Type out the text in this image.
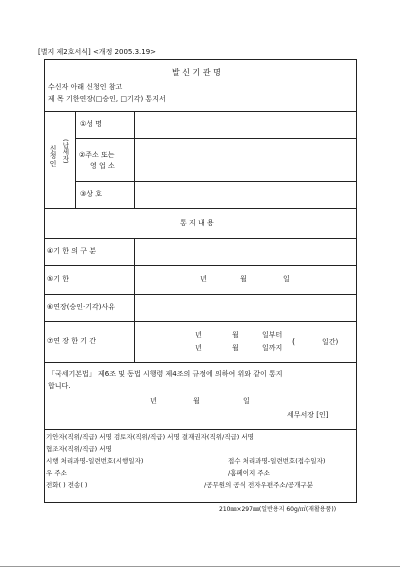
[별지 제2호서식] <개정 2005.3.19>
발 신 기 관 명
수신자 아래 신청인 참고
제 목 기한연장(□승인, □기각) 통지서
신 청 인
(납세자)
①성 명
②주소 또는
영 업 소
③상 호
통 지 내 용
④기 한 의 구 분
⑤기 한	년	월	일
⑥연장(승인·기각)사유
⑦연 장 한 기 간
년	월	일부터
년	월	일까지
(	일간)
「국세기본법」 제6조 및 동법 시행령 제4조의 규정에 의하여 위와 같이 통지
합니다.
년	월	일
세무서장 [인]
기안자(직위/직급) 서명 검토자(직위/직급) 서명 결재권자(직위/직급) 서명
협조자(직위/직급) 서명
시행 처리과명-일련번호(시행일자)	접수 처리과명-일련번호(접수일자)
우 주소	/홈페이지 주소
전화( ) 전송( )	/공무원의 공식 전자우편주소/공개구분
210㎜×297㎜(일반용지 60g/㎡(재활용품))
